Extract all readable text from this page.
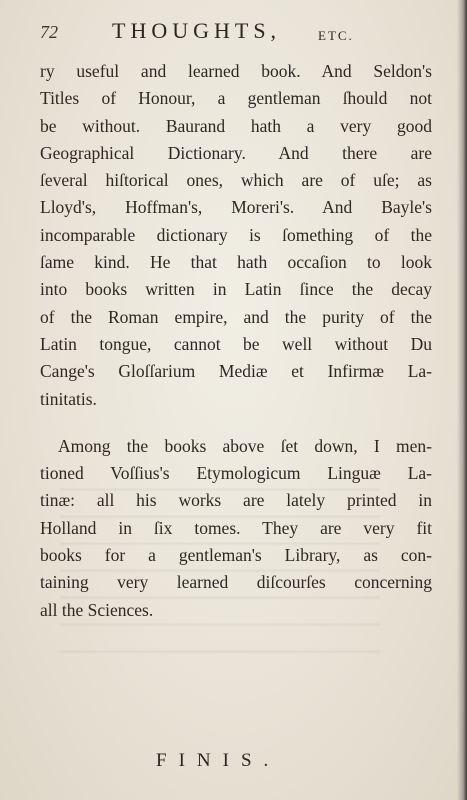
72 THOUGHTS,	ETC.
ry useful and learned book. And Seldon's
Titles of Honour, a gentleman ſhould not
be without. Baurand hath a very good
Geographical Dictionary. And there are
ſeveral hiſtorical ones, which are of uſe; as
Lloyd's, Hoffman's, Moreri's. And Bayle's
incomparable dictionary is ſomething of the
ſame kind. He that hath occaſion to look
into books written in Latin ſince the decay
of the Roman empire, and the purity of the
Latin tongue, cannot be well without Du
Cange's Gloſſarium Mediæ et Infirmæ La-
tinitatis.
Among the books above ſet down, I men-
tioned Voſſius's Etymologicum Linguæ La-
tinæ: all his works are lately printed in
Holland in ſix tomes. They are very fit
books for a gentleman's Library, as con-
taining very learned diſcourſes concerning
all the Sciences.
FINIS.
